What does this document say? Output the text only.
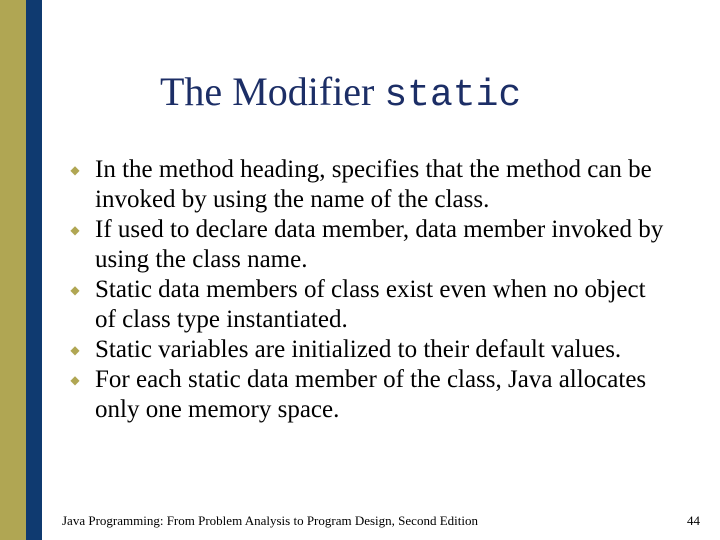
The Modifier static
◆ In the method heading, specifies that the method can be invoked by using the name of the class.
◆ If used to declare data member, data member invoked by using the class name.
◆ Static data members of class exist even when no object of class type instantiated.
◆ Static variables are initialized to their default values.
◆ For each static data member of the class, Java allocates only one memory space.
Java Programming: From Problem Analysis to Program Design, Second Edition	44
